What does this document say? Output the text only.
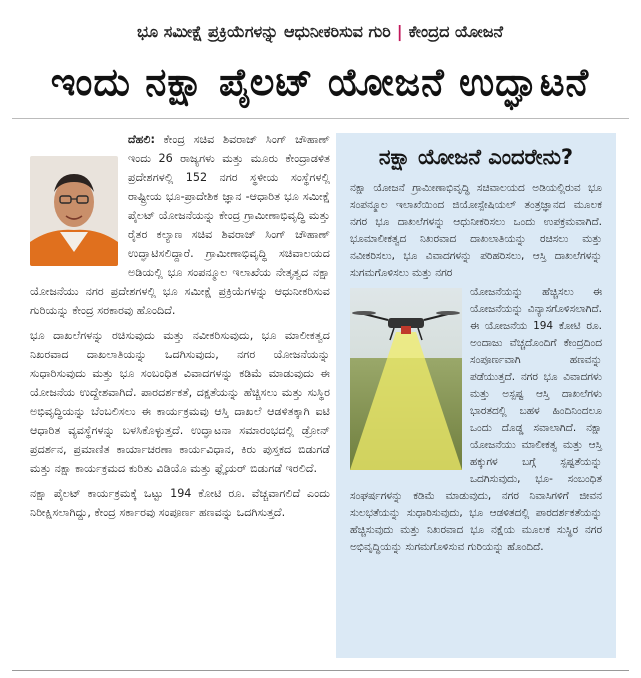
ಭೂ ಸಮೀಕ್ಷೆ ಪ್ರಕ್ರಿಯೆಗಳನ್ನು ಆಧುನೀಕರಿಸುವ ಗುರಿ | ಕೇಂದ್ರದ ಯೋಜನೆ
ಇಂದು ನಕ್ಷಾ ಪೈಲಟ್ ಯೋಜನೆ ಉದ್ಘಾಟನೆ

ದೆಹಲಿ: ಕೇಂದ್ರ ಸಚಿವ ಶಿವರಾಜ್ ಸಿಂಗ್ ಚೌಹಾಣ್ ಇಂದು 26 ರಾಜ್ಯಗಳು ಮತ್ತು ಮೂರು ಕೇಂದ್ರಾಡಳಿತ ಪ್ರದೇಶಗಳಲ್ಲಿ 152 ನಗರ ಸ್ಥಳೀಯ ಸಂಸ್ಥೆಗಳಲ್ಲಿ ರಾಷ್ಟ್ರೀಯ ಭೂ-ಪ್ರಾದೇಶಿಕ ಜ್ಞಾನ -ಆಧಾರಿತ ಭೂ ಸಮೀಕ್ಷೆ ಪೈಲಟ್ ಯೋಜನೆಯನ್ನು ಕೇಂದ್ರ ಗ್ರಾಮೀಣಾಭಿವೃದ್ಧಿ ಮತ್ತು ರೈತರ ಕಲ್ಯಾಣ ಸಚಿವ ಶಿವರಾಜ್ ಸಿಂಗ್ ಚೌಹಾಣ್ ಉದ್ಘಾಟಿಸಲಿದ್ದಾರೆ. ಗ್ರಾಮೀಣಾಭಿವೃದ್ಧಿ ಸಚಿವಾಲಯದ ಅಡಿಯಲ್ಲಿ ಭೂ ಸಂಪನ್ಮೂಲ ಇಲಾಖೆಯ ನೇತೃತ್ವದ ನಕ್ಷಾ ಯೋಜನೆಯು ನಗರ ಪ್ರದೇಶಗಳಲ್ಲಿ ಭೂ ಸಮೀಕ್ಷೆ ಪ್ರಕ್ರಿಯೆಗಳನ್ನು ಆಧುನೀಕರಿಸುವ ಗುರಿಯನ್ನು ಕೇಂದ್ರ ಸರಕಾರವು ಹೊಂದಿದೆ.

ಭೂ ದಾಖಲೆಗಳನ್ನು ರಚಿಸುವುದು ಮತ್ತು ನವೀಕರಿಸುವುದು, ಭೂ ಮಾಲೀಕತ್ವದ ನಿಖರವಾದ ದಾಖಲಾತಿಯನ್ನು ಒದಗಿಸುವುದು, ನಗರ ಯೋಜನೆಯನ್ನು ಸುಧಾರಿಸುವುದು ಮತ್ತು ಭೂ ಸಂಬಂಧಿತ ವಿವಾದಗಳನ್ನು ಕಡಿಮೆ ಮಾಡುವುದು ಈ ಯೋಜನೆಯ ಉದ್ದೇಶವಾಗಿದೆ. ಪಾರದರ್ಶಕತೆ, ದಕ್ಷತೆಯನ್ನು ಹೆಚ್ಚಿಸಲು ಮತ್ತು ಸುಸ್ಥಿರ ಅಭಿವೃದ್ಧಿಯನ್ನು ಬೆಂಬಲಿಸಲು ಈ ಕಾರ್ಯಕ್ರಮವು ಆಸ್ತಿ ದಾಖಲೆ ಆಡಳಿತಕ್ಕಾಗಿ ಐಟಿ ಆಧಾರಿತ ವ್ಯವಸ್ಥೆಗಳನ್ನು ಬಳಸಿಕೊಳ್ಳುತ್ತದೆ. ಉದ್ಘಾಟನಾ ಸಮಾರಂಭದಲ್ಲಿ ಡ್ರೋನ್ ಪ್ರದರ್ಶನ, ಪ್ರಮಾಣಿತ ಕಾರ್ಯಾಚರಣಾ ಕಾರ್ಯವಿಧಾನ, ಕಿರು ಪುಸ್ತಕದ ಬಿಡುಗಡೆ ಮತ್ತು ನಕ್ಷಾ ಕಾರ್ಯಕ್ರಮದ ಕುರಿತು ವಿಡಿಯೊ ಮತ್ತು ಫ್ಲೈಯರ್ ಬಿಡುಗಡೆ ಇರಲಿದೆ.

ನಕ್ಷಾ ಪೈಲಟ್ ಕಾರ್ಯಕ್ರಮಕ್ಕೆ ಒಟ್ಟು 194 ಕೋಟಿ ರೂ. ವೆಚ್ಚವಾಗಲಿದೆ ಎಂದು ನಿರೀಕ್ಷಿಸಲಾಗಿದ್ದು, ಕೇಂದ್ರ ಸರ್ಕಾರವು ಸಂಪೂರ್ಣ ಹಣವನ್ನು ಒದಗಿಸುತ್ತದೆ.

ನಕ್ಷಾ ಯೋಜನೆ ಎಂದರೇನು?

ನಕ್ಷಾ ಯೋಜನೆ ಗ್ರಾಮೀಣಾಭಿವೃದ್ಧಿ ಸಚಿವಾಲಯದ ಅಡಿಯಲ್ಲಿರುವ ಭೂ ಸಂಪನ್ಮೂಲ ಇಲಾಖೆಯಿಂದ ಜಿಯೋಸ್ಪೇಷಿಯಲ್ ತಂತ್ರಜ್ಞಾನದ ಮೂಲಕ ನಗರ ಭೂ ದಾಖಲೆಗಳನ್ನು ಆಧುನೀಕರಿಸಲು ಒಂದು ಉಪಕ್ರಮವಾಗಿದೆ. ಭೂಮಾಲೀಕತ್ವದ ನಿಖರವಾದ ದಾಖಲಾತಿಯನ್ನು ರಚಿಸಲು ಮತ್ತು ನವೀಕರಿಸಲು, ಭೂ ವಿವಾದಗಳನ್ನು ಪರಿಹರಿಸಲು, ಆಸ್ತಿ ದಾಖಲೆಗಳನ್ನು ಸುಗಮಗೊಳಿಸಲು ಮತ್ತು ನಗರ

ಯೋಜನೆಯನ್ನು ಹೆಚ್ಚಿಸಲು ಈ ಯೋಜನೆಯನ್ನು ವಿನ್ಯಾಸಗೊಳಿಸಲಾಗಿದೆ. ಈ ಯೋಜನೆಯ 194 ಕೋಟಿ ರೂ. ಅಂದಾಜು ವೆಚ್ಚದೊಂದಿಗೆ ಕೇಂದ್ರದಿಂದ ಸಂಪೂರ್ಣವಾಗಿ ಹಣವನ್ನು ಪಡೆಯುತ್ತದೆ. ನಗರ ಭೂ ವಿವಾದಗಳು ಮತ್ತು ಅಸ್ಪಷ್ಟ ಆಸ್ತಿ ದಾಖಲೆಗಳು ಭಾರತದಲ್ಲಿ ಬಹಳ ಹಿಂದಿನಿಂದಲೂ ಒಂದು ದೊಡ್ಡ ಸವಾಲಾಗಿದೆ. ನಕ್ಷಾ ಯೋಜನೆಯು ಮಾಲೀಕತ್ವ ಮತ್ತು ಆಸ್ತಿ ಹಕ್ಕುಗಳ ಬಗ್ಗೆ ಸ್ಪಷ್ಟತೆಯನ್ನು ಒದಗಿಸುವುದು, ಭೂ- ಸಂಬಂಧಿತ ಸಂಘರ್ಷಗಳನ್ನು ಕಡಿಮೆ ಮಾಡುವುದು, ನಗರ ನಿವಾಸಿಗಳಿಗೆ ಜೀವನ ಸುಲಭತೆಯನ್ನು ಸುಧಾರಿಸುವುದು, ಭೂ ಆಡಳಿತದಲ್ಲಿ ಪಾರದರ್ಶಕತೆಯನ್ನು ಹೆಚ್ಚಿಸುವುದು ಮತ್ತು ನಿಖರವಾದ ಭೂ ನಕ್ಷೆಯ ಮೂಲಕ ಸುಸ್ಥಿರ ನಗರ ಅಭಿವೃದ್ಧಿಯನ್ನು ಸುಗಮಗೊಳಿಸುವ ಗುರಿಯನ್ನು ಹೊಂದಿದೆ.
